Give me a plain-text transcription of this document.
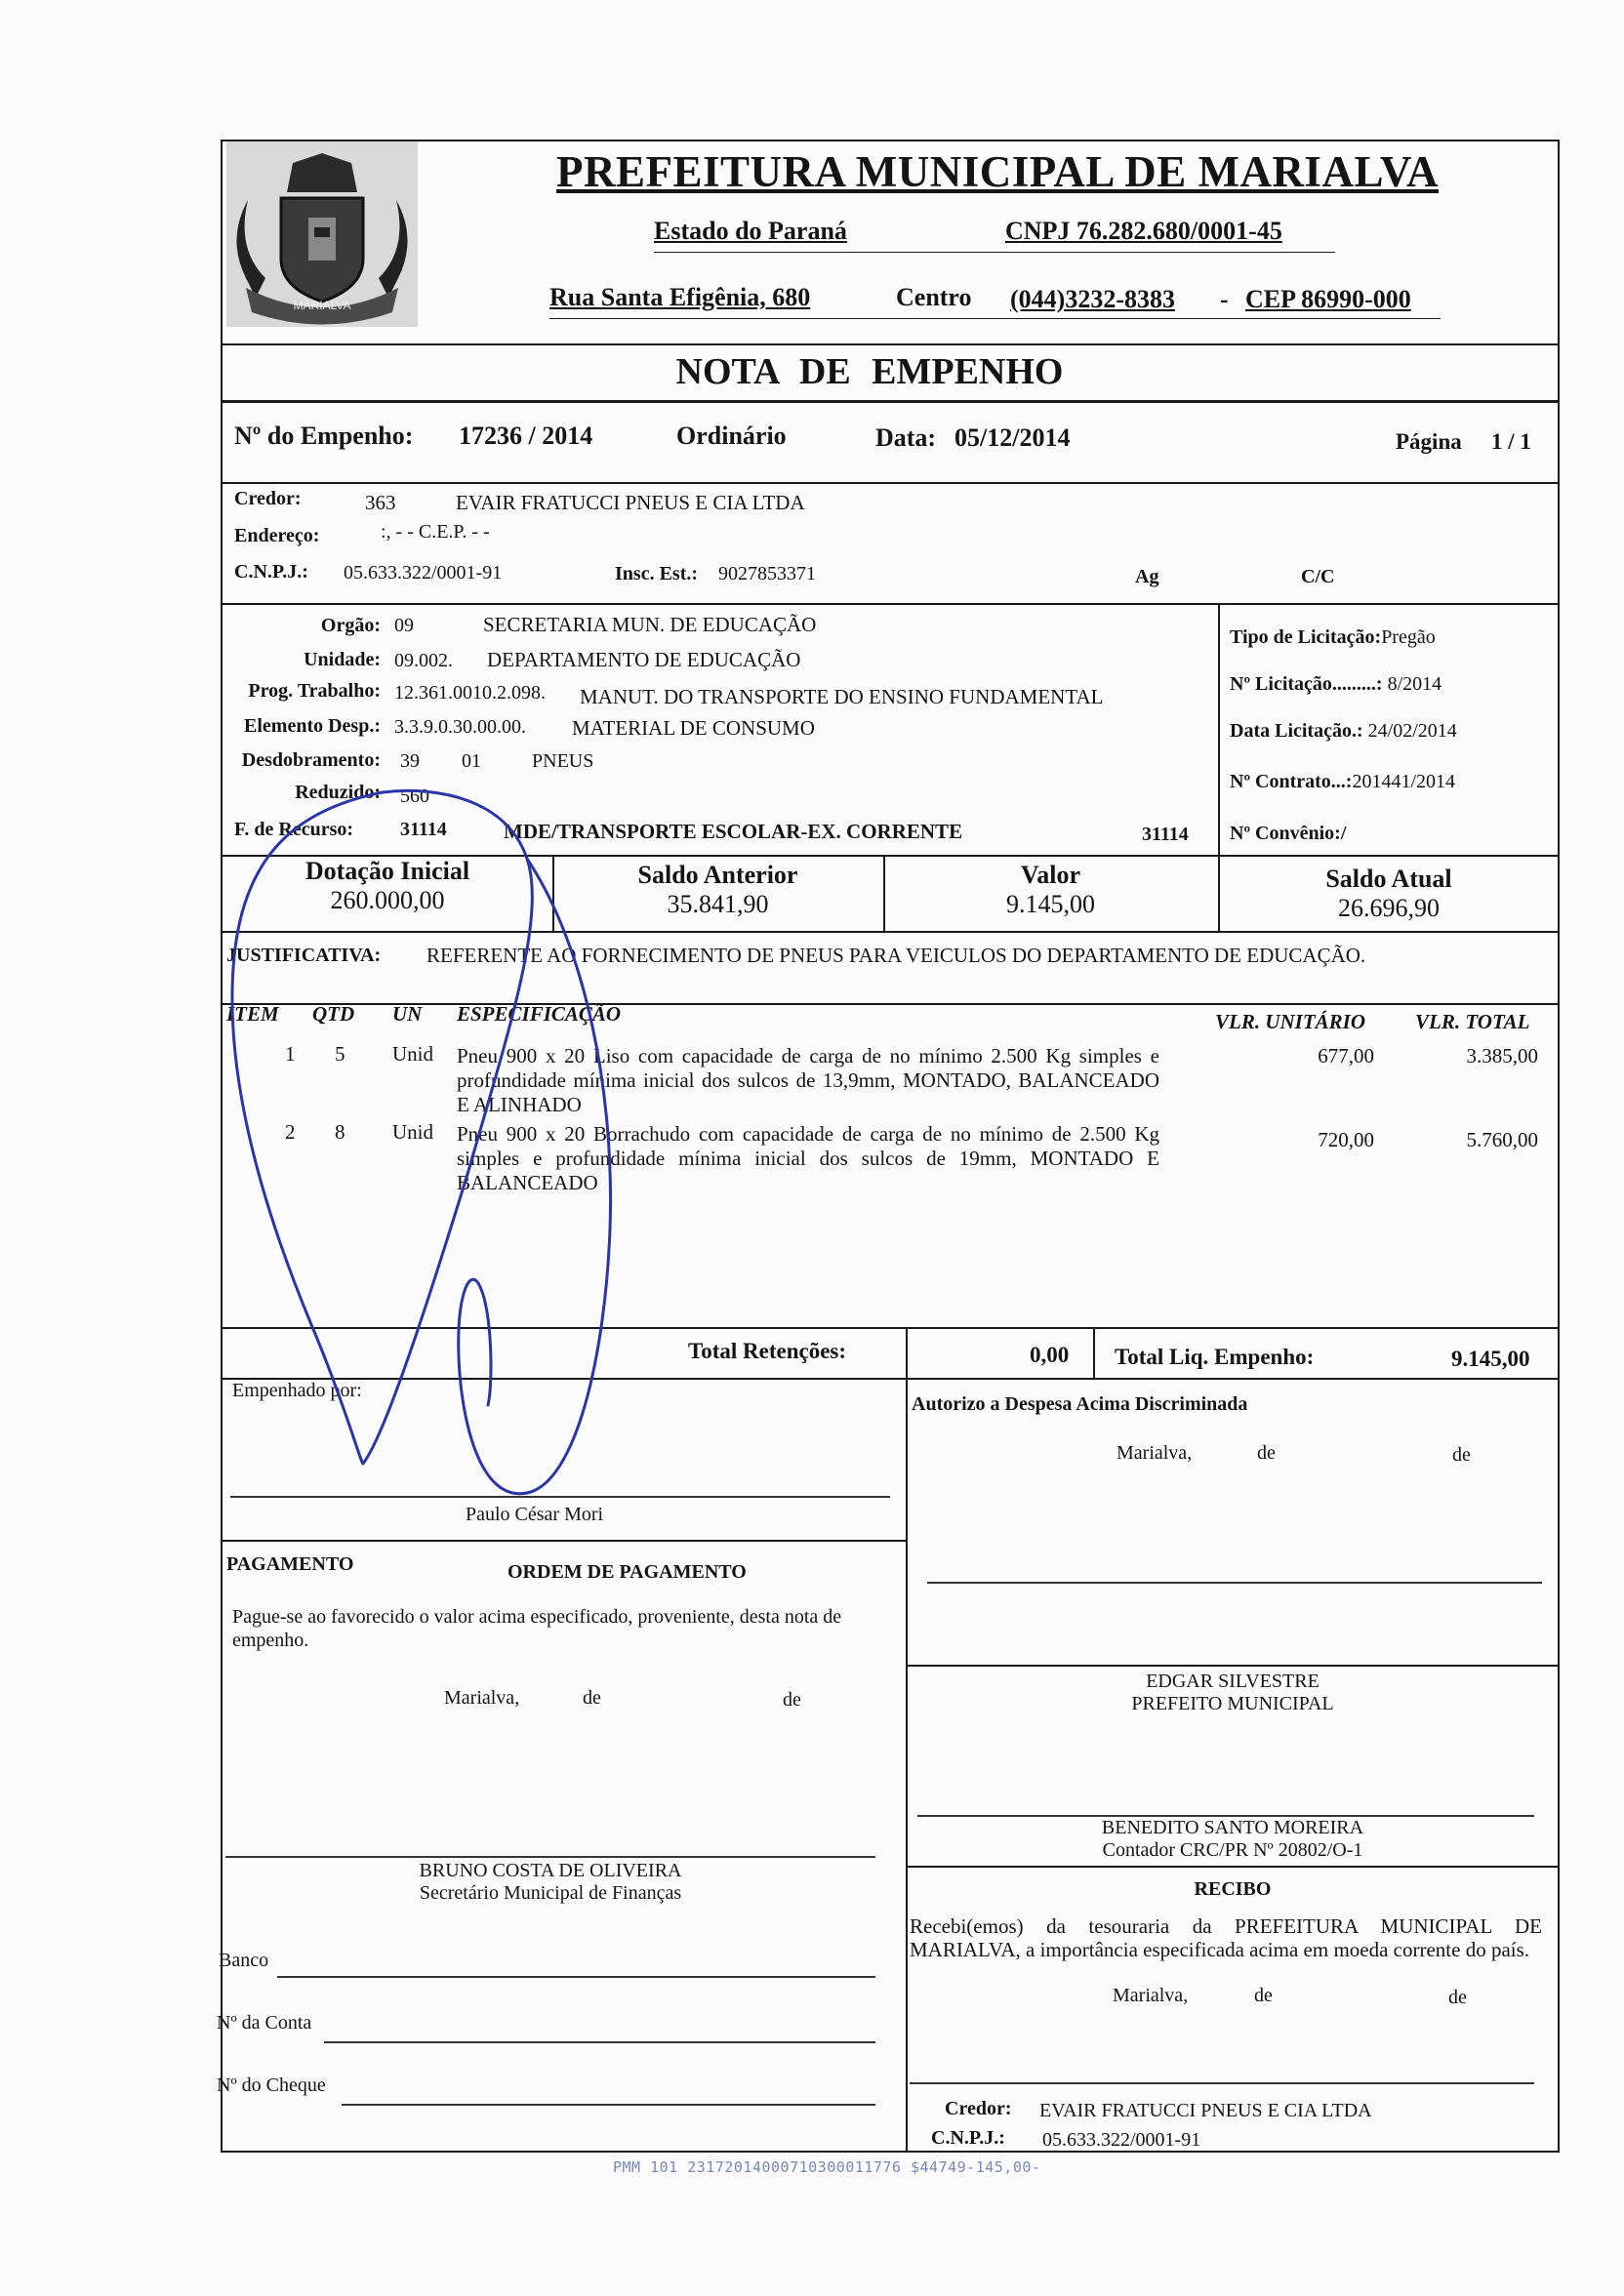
MARIALVA
PREFEITURA MUNICIPAL DE MARIALVA
Estado do Paraná	CNPJ 76.282.680/0001-45
Rua Santa Efigênia, 680	Centro (044)3232-8383 - CEP 86990-000
NOTA DE EMPENHO
Nº do Empenho: 17236 / 2014	Ordinário	Data: 05/12/2014	Página 1 / 1
Credor:	363	EVAIR FRATUCCI PNEUS E CIA LTDA
Endereço:	:, - - C.E.P. - -
C.N.P.J.: 05.633.322/0001-91	Insc. Est.: 9027853371	Ag	C/C
Orgão: 09	SECRETARIA MUN. DE EDUCAÇÃO
Unidade: 09.002. DEPARTAMENTO DE EDUCAÇÃO
Prog. Trabalho: 12.361.0010.2.098. MANUT. DO TRANSPORTE DO ENSINO FUNDAMENTAL
Elemento Desp.: 3.3.9.0.30.00.00. MATERIAL DE CONSUMO
Desdobramento: 39 01	PNEUS
Reduzido: 560
F. de Recurso: 31114	MDE/TRANSPORTE ESCOLAR-EX. CORRENTE	31114
Tipo de Licitação:Pregão
Nº Licitação.........: 8/2014
Data Licitação.: 24/02/2014
Nº Contrato...:201441/2014
Nº Convênio:/
Dotação Inicial
260.000,00
Saldo Anterior
35.841,90
Valor
9.145,00
Saldo Atual
26.696,90
JUSTIFICATIVA: REFERENTE AO FORNECIMENTO DE PNEUS PARA VEICULOS DO DEPARTAMENTO DE EDUCAÇÃO.
ITEM QTD UN ESPECIFICAÇÃO	VLR. UNITÁRIO VLR. TOTAL
1 5 Unid Pneu 900 x 20 Liso com capacidade de carga de no mínimo 2.500 Kg simples e profundidade mínima inicial dos sulcos de 13,9mm, MONTADO, BALANCEADO E ALINHADO
677,00	3.385,00
2 8 Unid Pneu 900 x 20 Borrachudo com capacidade de carga de no mínimo de 2.500 Kg simples e profundidade mínima inicial dos sulcos de 19mm, MONTADO E BALANCEADO
720,00	5.760,00
Total Retenções:	0,00 Total Liq. Empenho:	9.145,00
Empenhado por:
Paulo César Mori
Autorizo a Despesa Acima Discriminada
Marialva,	de	de
PAGAMENTO	ORDEM DE PAGAMENTO
Pague-se ao favorecido o valor acima especificado, proveniente, desta nota de empenho.
Marialva,	de	de
BRUNO COSTA DE OLIVEIRA
Secretário Municipal de Finanças
EDGAR SILVESTRE
PREFEITO MUNICIPAL
BENEDITO SANTO MOREIRA
Contador CRC/PR Nº 20802/O-1
RECIBO
Recebi(emos) da tesouraria da PREFEITURA MUNICIPAL DE MARIALVA, a importância especificada acima em moeda corrente do país.
Marialva,	de	de
Credor: EVAIR FRATUCCI PNEUS E CIA LTDA
C.N.P.J.: 05.633.322/0001-91
Banco
Nº da Conta
Nº do Cheque
PMM 101 23172014000710300011776 $44749-145,00-
